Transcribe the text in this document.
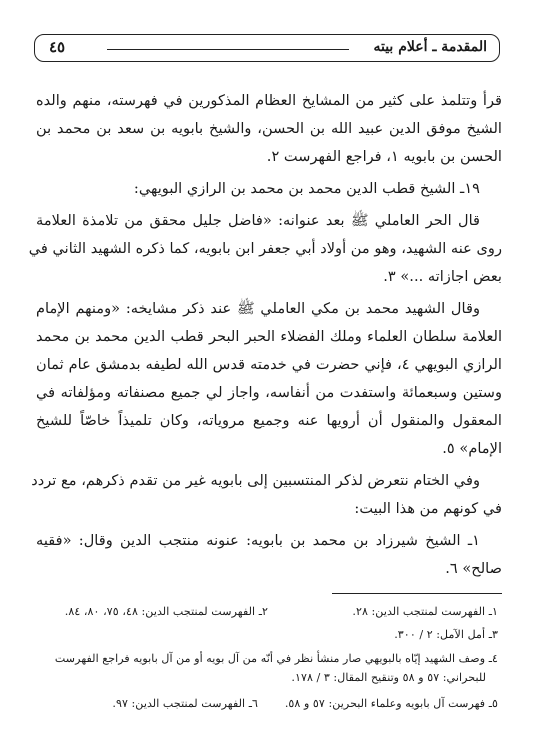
المقدمة ـ أعلام بيته
٤٥
قرأ وتتلمذ على كثير من المشايخ العظام المذكورين في فهرسته، منهم والده
الشيخ موفق الدين عبيد الله بن الحسن، والشيخ بابويه بن سعد بن محمد بن
الحسن بن بابويه ١، فراجع الفهرست ٢.
١٩ـ الشيخ قطب الدين محمد بن محمد بن الرازي البويهي:
قال الحر العاملي ﷺ بعد عنوانه: «فاضل جليل محقق من تلامذة العلامة
روى عنه الشهيد، وهو من أولاد أبي جعفر ابن بابويه، كما ذكره الشهيد الثاني في
بعض اجازاته ...» ٣.
وقال الشهيد محمد بن مكي العاملي ﷺ عند ذكر مشايخه: «ومنهم الإمام
العلامة سلطان العلماء وملك الفضلاء الحبر البحر قطب الدين محمد بن محمد
الرازي البويهي ٤، فإني حضرت في خدمته قدس الله لطيفه بدمشق عام ثمان
وستين وسبعمائة واستفدت من أنفاسه، واجاز لي جميع مصنفاته ومؤلفاته في
المعقول والمنقول أن أرويها عنه وجميع مروياته، وكان تلميذاً خاصّاً للشيخ
الإمام» ٥.
وفي الختام نتعرض لذكر المنتسبين إلى بابويه غير من تقدم ذكرهم، مع تردد
في كونهم من هذا البيت:
١ـ الشيخ شيرزاد بن محمد بن بابويه: عنونه منتجب الدين وقال: «فقيه
صالح» ٦.
١ـ الفهرست لمنتجب الدين: ٢٨.
٢ـ الفهرست لمنتجب الدين: ٤٨، ٧٥، ٨٠، ٨٤.
٣ـ أمل الآمل: ٢ / ٣٠٠.
٤ـ وصف الشهيد إيّاه بالبويهي صار منشأ نظر في أنّه من آل بويه أو من آل بابويه فراجع الفهرست
للبحراني: ٥٧ و ٥٨ وتنقيح المقال: ٣ / ١٧٨.
٥ـ فهرست آل بابويه وعلماء البحرين: ٥٧ و ٥٨.
٦ـ الفهرست لمنتجب الدين: ٩٧.
